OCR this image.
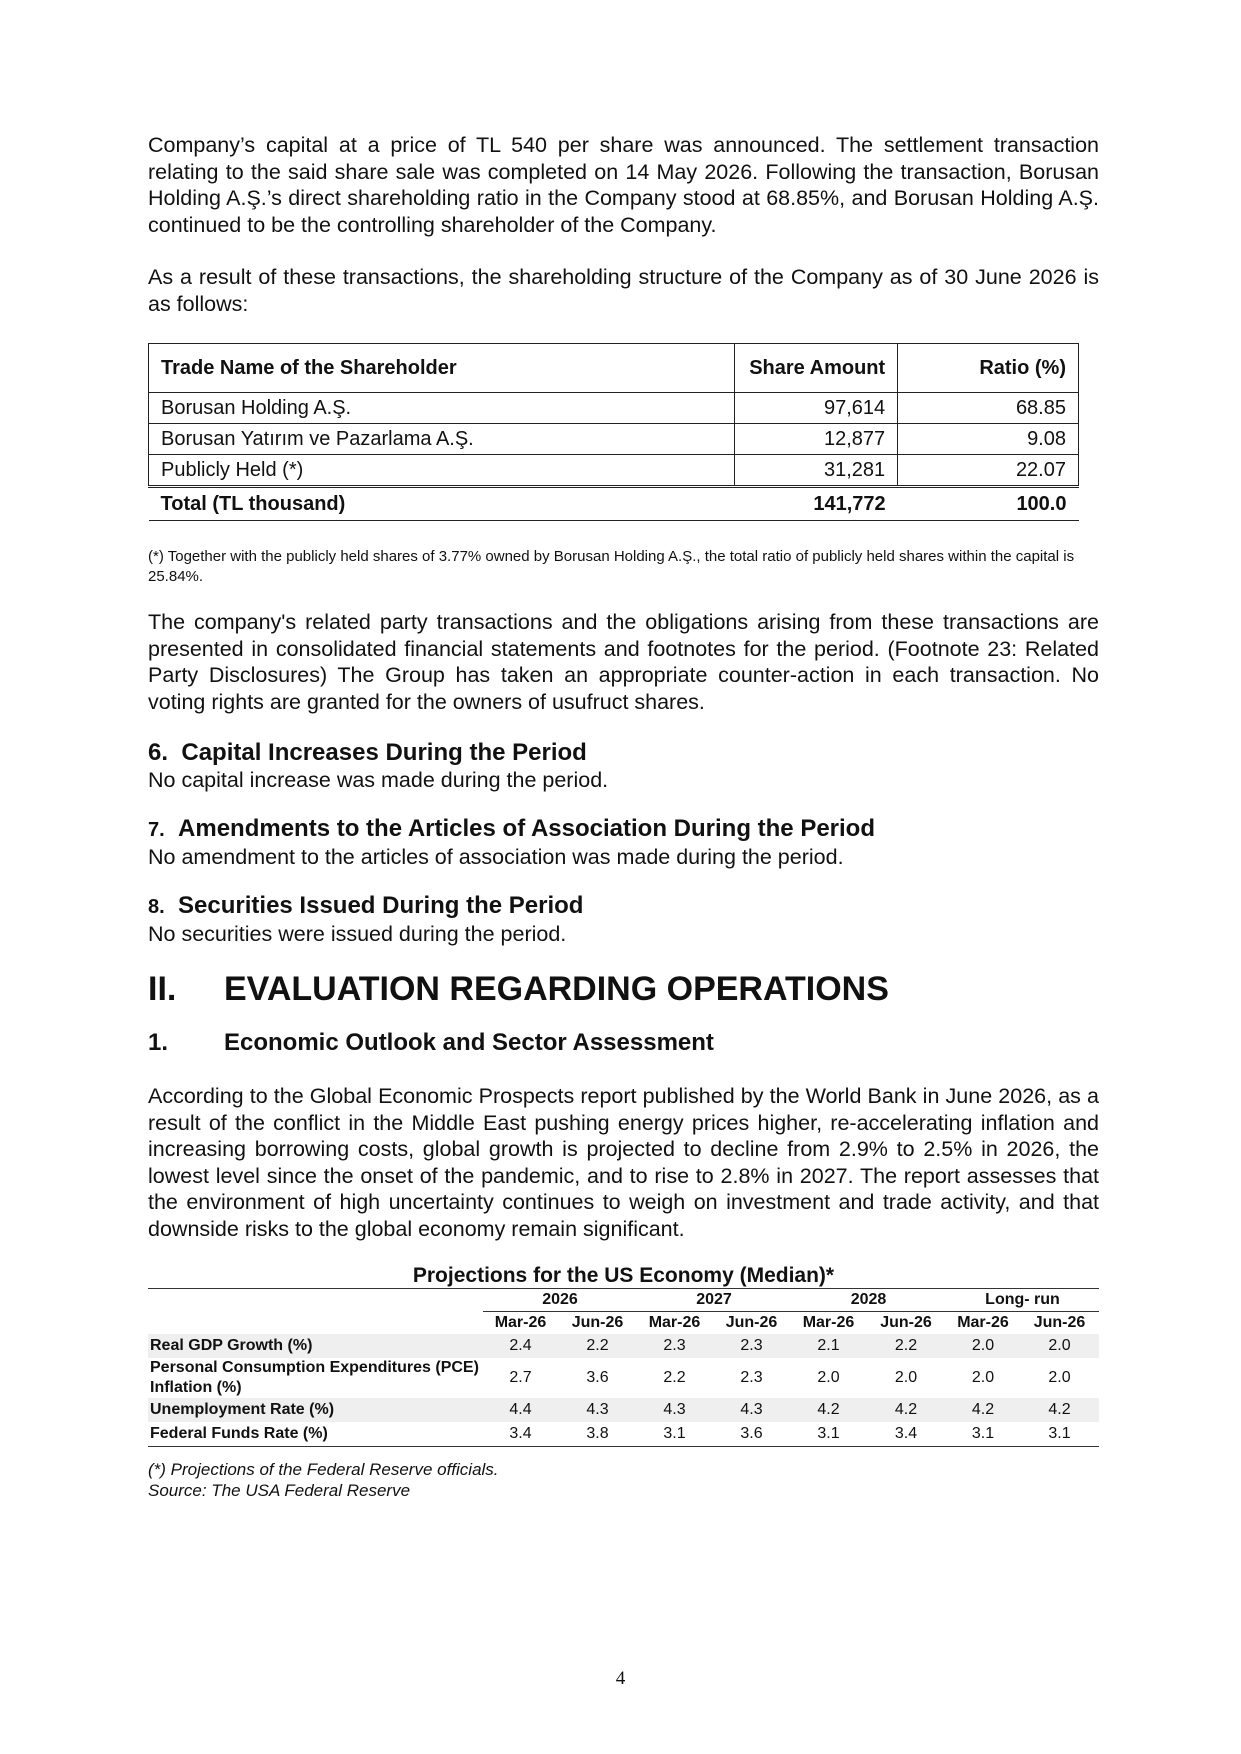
Company’s capital at a price of TL 540 per share was announced. The settlement transaction relating to the said share sale was completed on 14 May 2026. Following the transaction, Borusan Holding A.Ş.’s direct shareholding ratio in the Company stood at 68.85%, and Borusan Holding A.Ş. continued to be the controlling shareholder of the Company.

As a result of these transactions, the shareholding structure of the Company as of 30 June 2026 is as follows:

Trade Name of the Shareholder	Share Amount	Ratio (%)
Borusan Holding A.Ş.	97,614	68.85
Borusan Yatırım ve Pazarlama A.Ş.	12,877	9.08
Publicly Held (*)	31,281	22.07
Total (TL thousand)	141,772	100.0

(*) Together with the publicly held shares of 3.77% owned by Borusan Holding A.Ş., the total ratio of publicly held shares within the capital is 25.84%.

The company's related party transactions and the obligations arising from these transactions are presented in consolidated financial statements and footnotes for the period. (Footnote 23: Related Party Disclosures) The Group has taken an appropriate counter-action in each transaction. No voting rights are granted for the owners of usufruct shares.

6. Capital Increases During the Period

No capital increase was made during the period.

7. Amendments to the Articles of Association During the Period

No amendment to the articles of association was made during the period.

8. Securities Issued During the Period

No securities were issued during the period.

II.	EVALUATION REGARDING OPERATIONS
1.	Economic Outlook and Sector Assessment

According to the Global Economic Prospects report published by the World Bank in June 2026, as a result of the conflict in the Middle East pushing energy prices higher, re-accelerating inflation and increasing borrowing costs, global growth is projected to decline from 2.9% to 2.5% in 2026, the lowest level since the onset of the pandemic, and to rise to 2.8% in 2027. The report assesses that the environment of high uncertainty continues to weigh on investment and trade activity, and that downside risks to the global economy remain significant.

Projections for the US Economy (Median)*

	2026		2027		2028		Long- run	
	Mar-26	Jun-26	Mar-26	Jun-26	Mar-26	Jun-26	Mar-26	Jun-26
Real GDP Growth (%)	2.4	2.2	2.3	2.3	2.1	2.2	2.0	2.0
Personal Consumption Expenditures (PCE) Inflation (%)	2.7	3.6	2.2	2.3	2.0	2.0	2.0	2.0
Unemployment Rate (%)	4.4	4.3	4.3	4.3	4.2	4.2	4.2	4.2
Federal Funds Rate (%)	3.4	3.8	3.1	3.6	3.1	3.4	3.1	3.1

(*) Projections of the Federal Reserve officials.

Source: The USA Federal Reserve

4
